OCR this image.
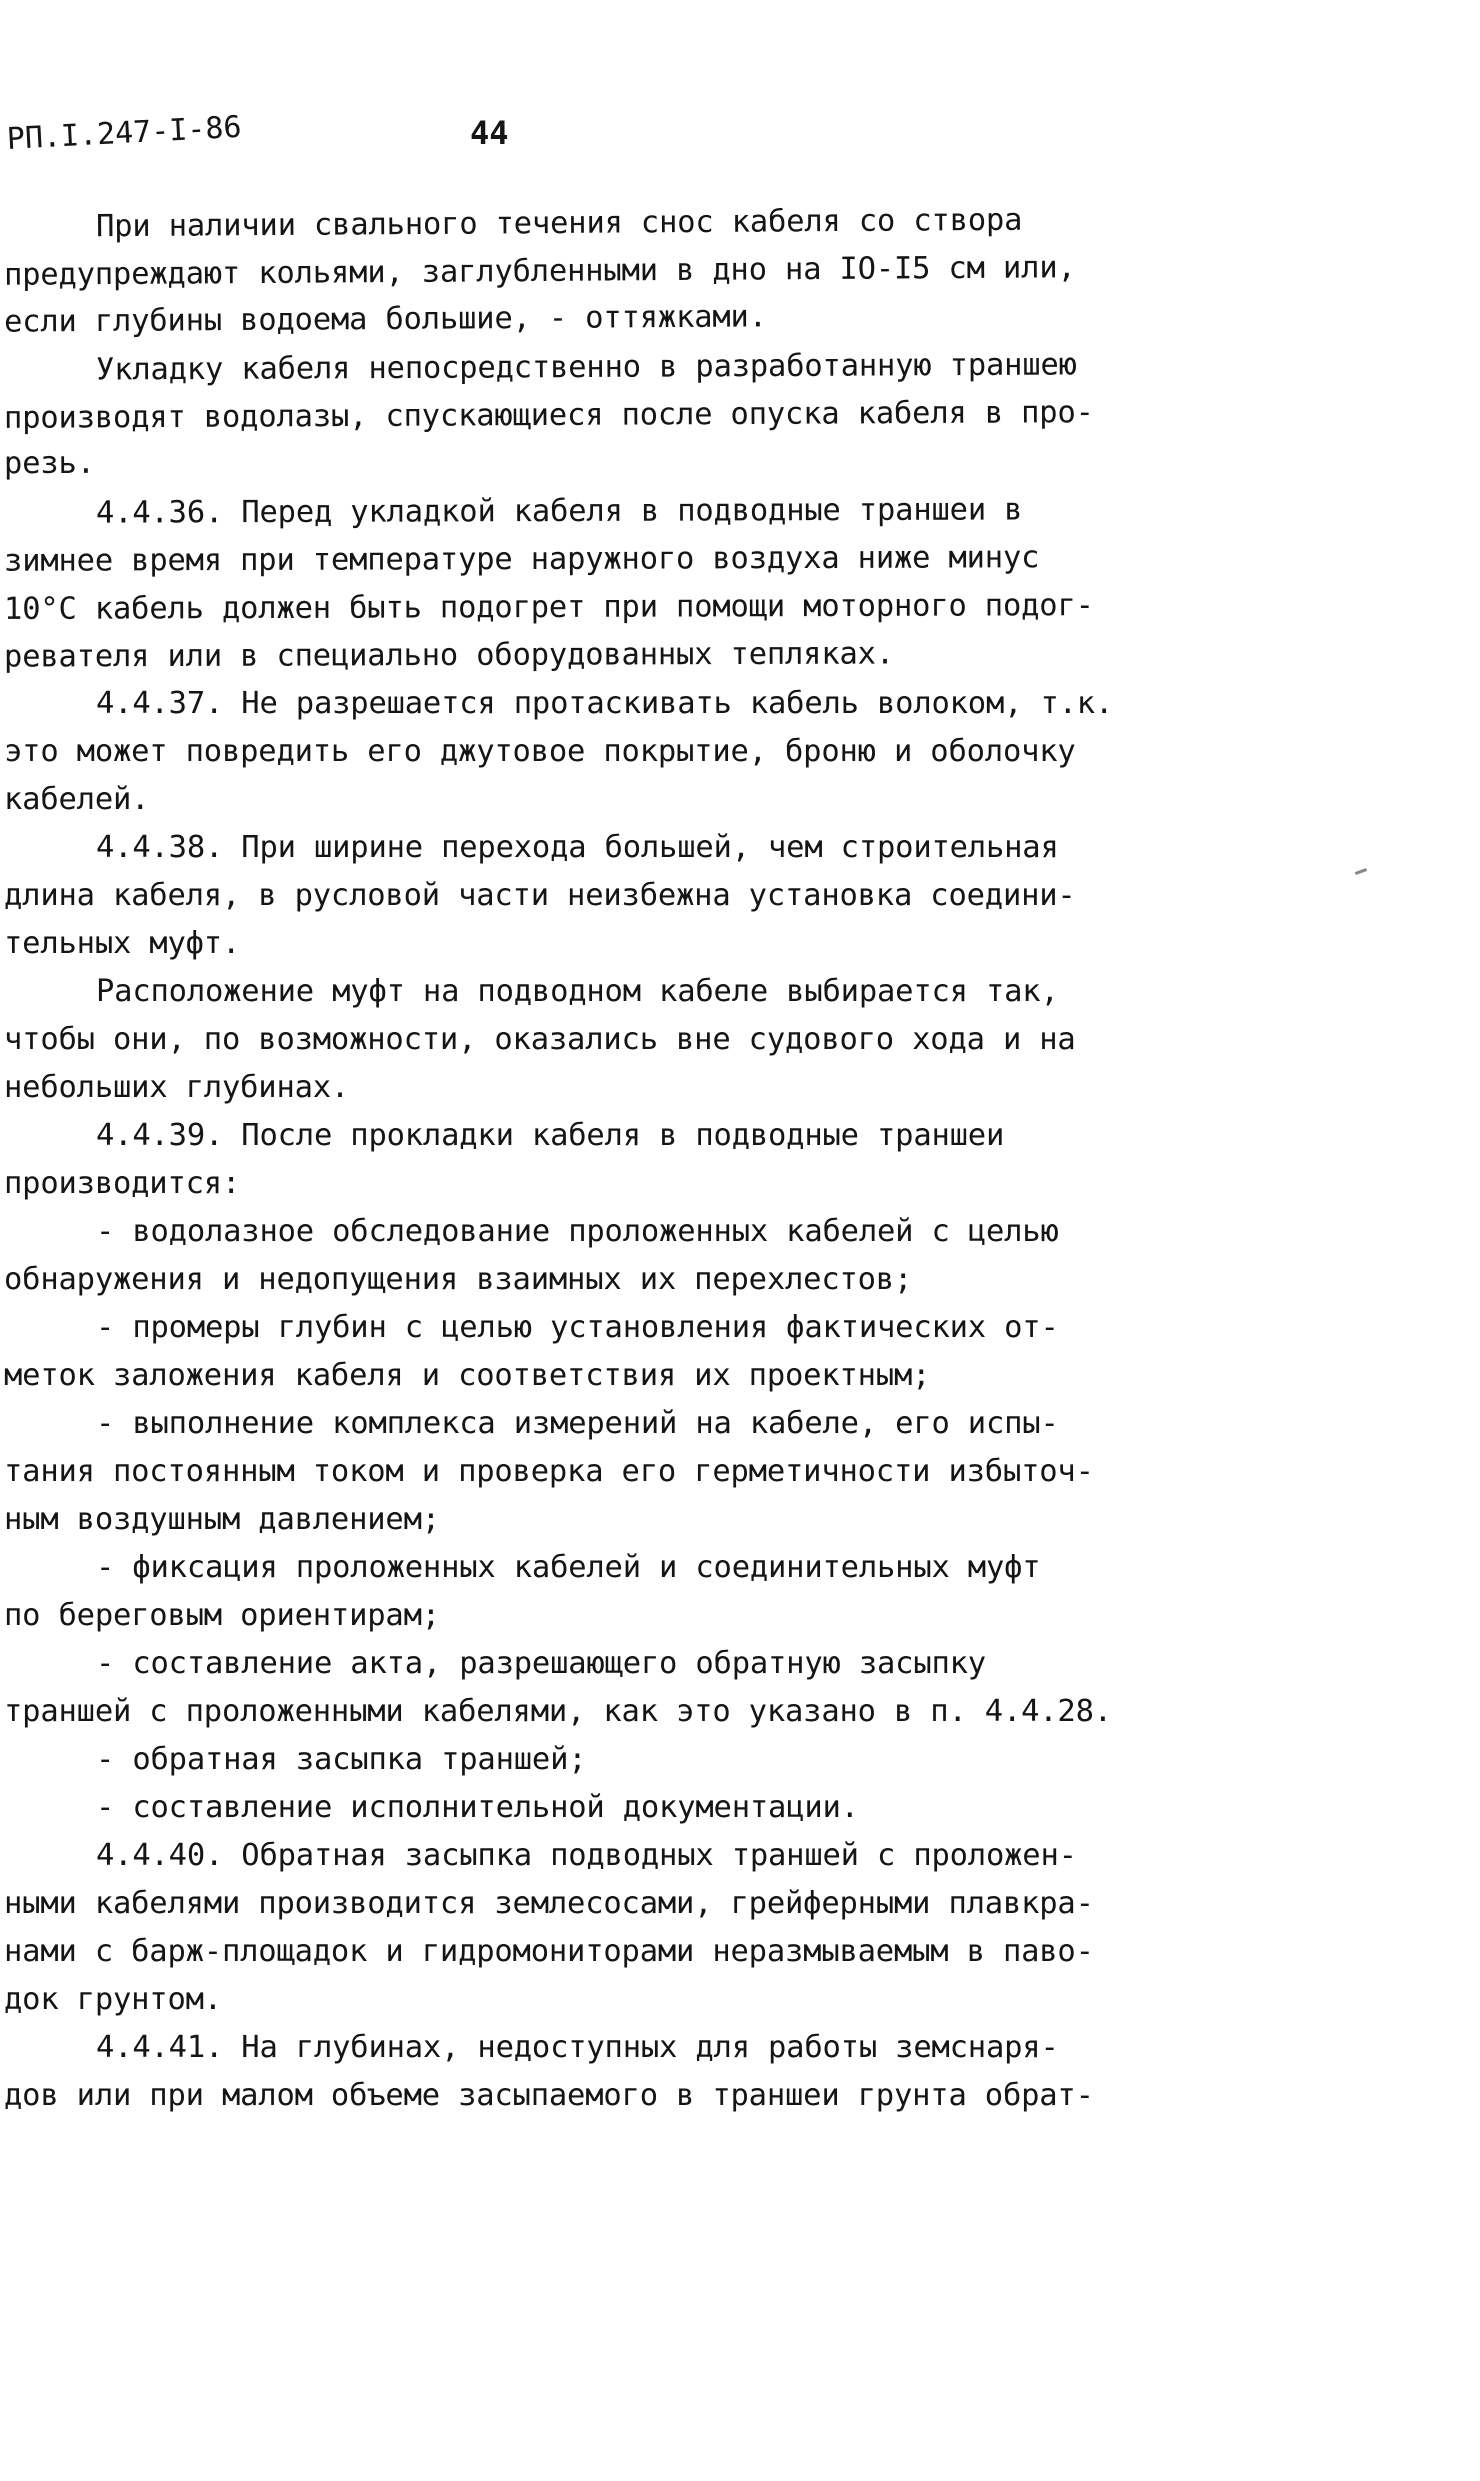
РП.I.247-I-86	44
При наличии свального течения снос кабеля со створа
предупреждают кольями, заглубленными в дно на IO-I5 см или,
если глубины водоема большие, - оттяжками.
Укладку кабеля непосредственно в разработанную траншею
производят водолазы, спускающиеся после опуска кабеля в про-
резь.
4.4.36. Перед укладкой кабеля в подводные траншеи в
зимнее время при температуре наружного воздуха ниже минус
10°С кабель должен быть подогрет при помощи моторного подог-
ревателя или в специально оборудованных тепляках.
4.4.37. Не разрешается протаскивать кабель волоком, т.к.
это может повредить его джутовое покрытие, броню и оболочку
кабелей.
4.4.38. При ширине перехода большей, чем строительная
длина кабеля, в русловой части неизбежна установка соедини-
тельных муфт.
Расположение муфт на подводном кабеле выбирается так,
чтобы они, по возможности, оказались вне судового хода и на
небольших глубинах.
4.4.39. После прокладки кабеля в подводные траншеи
производится:
- водолазное обследование проложенных кабелей с целью
обнаружения и недопущения взаимных их перехлестов;
- промеры глубин с целью установления фактических от-
меток заложения кабеля и соответствия их проектным;
- выполнение комплекса измерений на кабеле, его испы-
тания постоянным током и проверка его герметичности избыточ-
ным воздушным давлением;
- фиксация проложенных кабелей и соединительных муфт
по береговым ориентирам;
- составление акта, разрешающего обратную засыпку
траншей с проложенными кабелями, как это указано в п. 4.4.28.
- обратная засыпка траншей;
- составление исполнительной документации.
4.4.40. Обратная засыпка подводных траншей с проложен-
ными кабелями производится землесосами, грейферными плавкра-
нами с барж-площадок и гидромониторами неразмываемым в паво-
док грунтом.
4.4.41. На глубинах, недоступных для работы земснаря-
дов или при малом объеме засыпаемого в траншеи грунта обрат-
